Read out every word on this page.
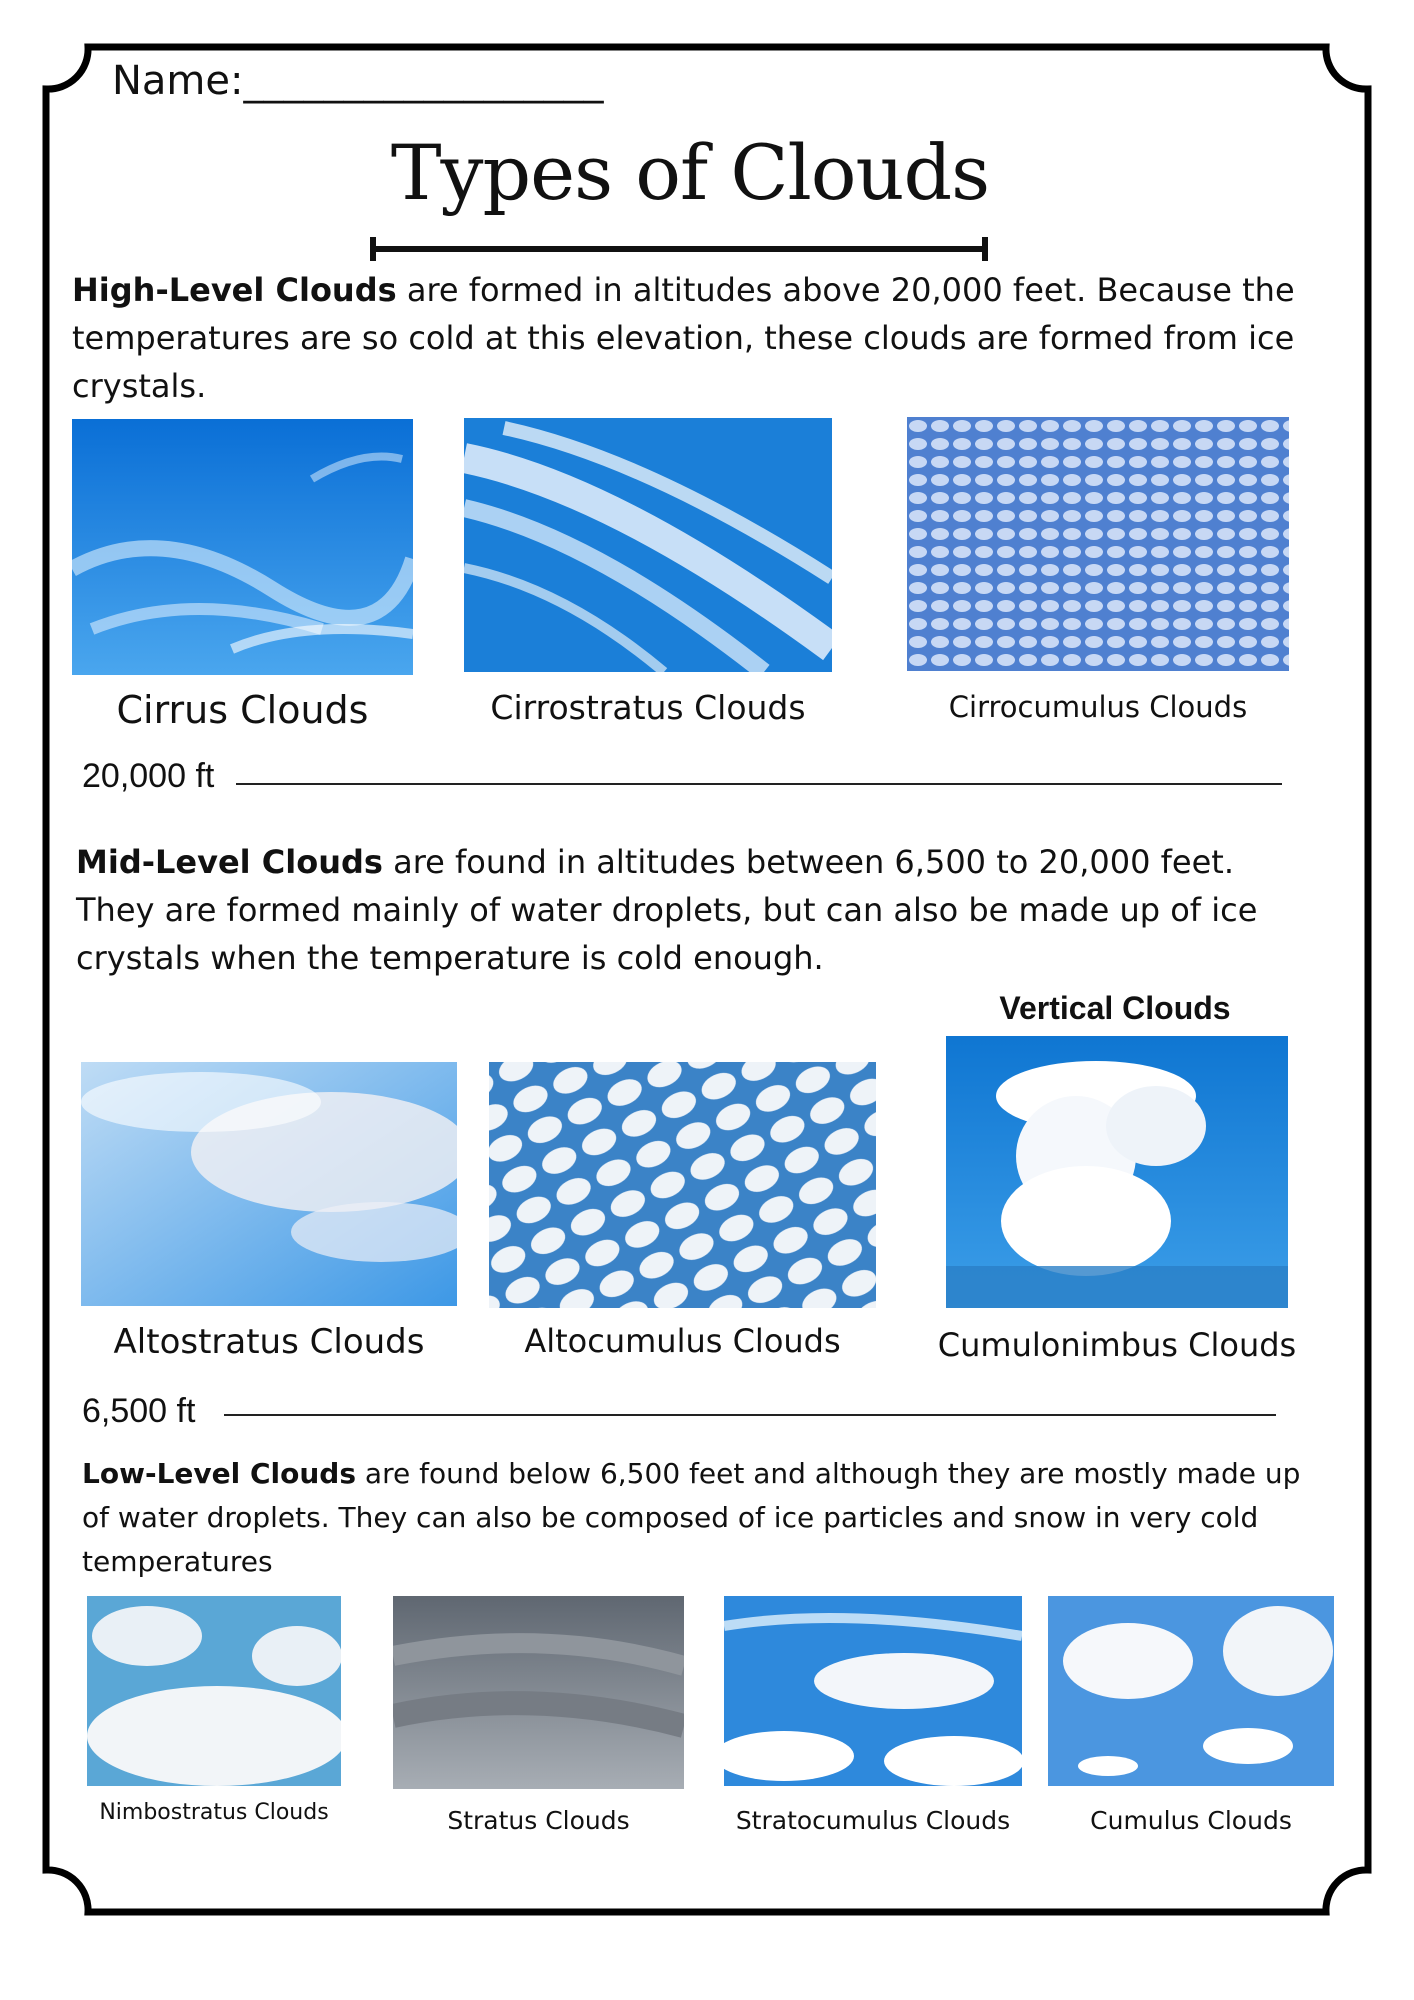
Name:__________________
Types of Clouds
High-Level Clouds are formed in altitudes above 20,000 feet. Because the temperatures are so cold at this elevation, these clouds are formed from ice crystals.
Cirrus Clouds	Cirrostratus Clouds	Cirrocumulus Clouds
20,000 ft
Mid-Level Clouds are found in altitudes between 6,500 to 20,000 feet. They are formed mainly of water droplets, but can also be made up of ice crystals when the temperature is cold enough.
Vertical Clouds
Altostratus Clouds	Altocumulus Clouds	Cumulonimbus Clouds
6,500 ft
Low-Level Clouds are found below 6,500 feet and although they are mostly made up of water droplets. They can also be composed of ice particles and snow in very cold temperatures
Nimbostratus Clouds	Stratus Clouds	Stratocumulus Clouds	Cumulus Clouds
